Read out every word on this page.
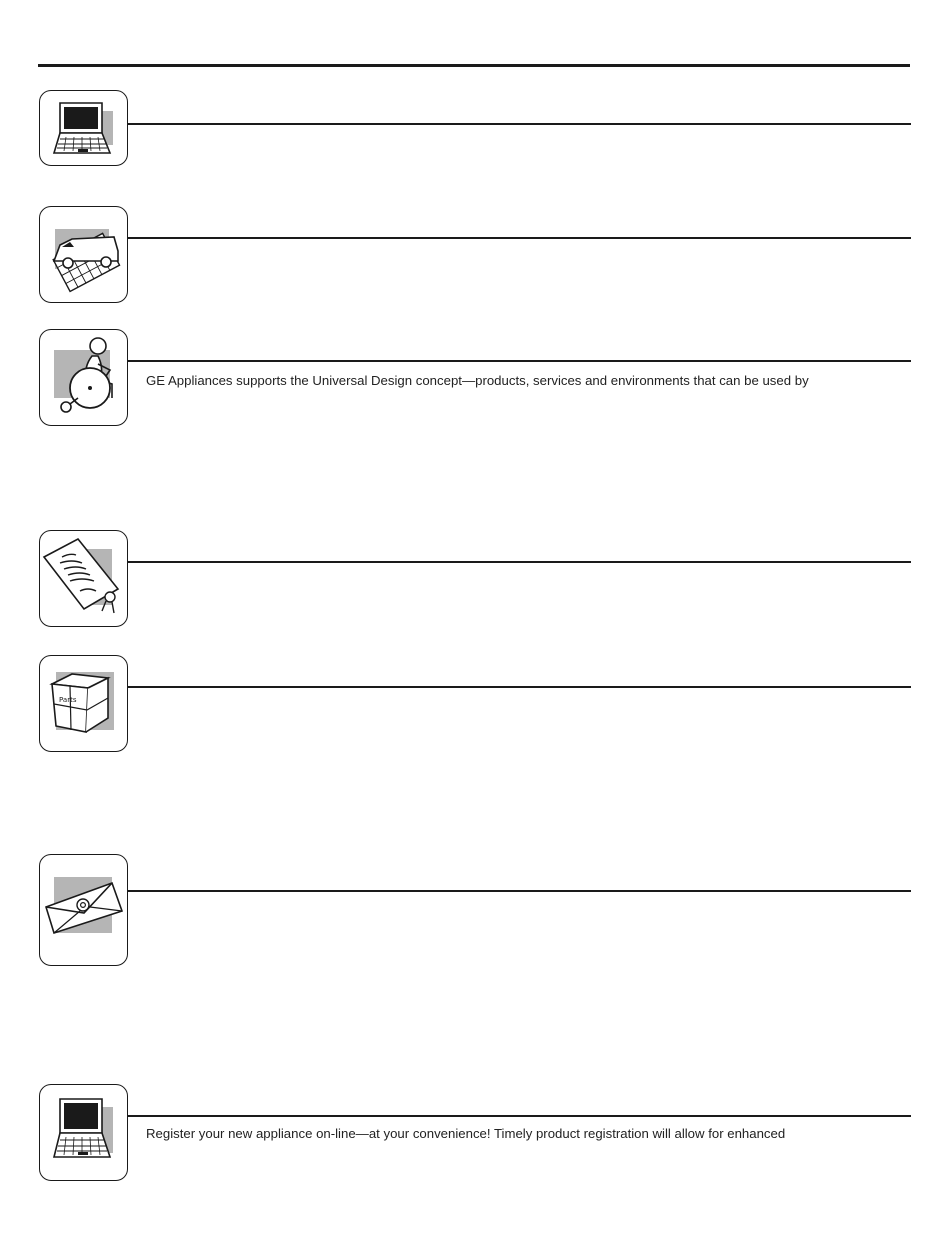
GE Appliances supports the Universal Design concept—products, services and environments that can be used by
Parts
Register your new appliance on-line—at your convenience! Timely product registration will allow for enhanced
